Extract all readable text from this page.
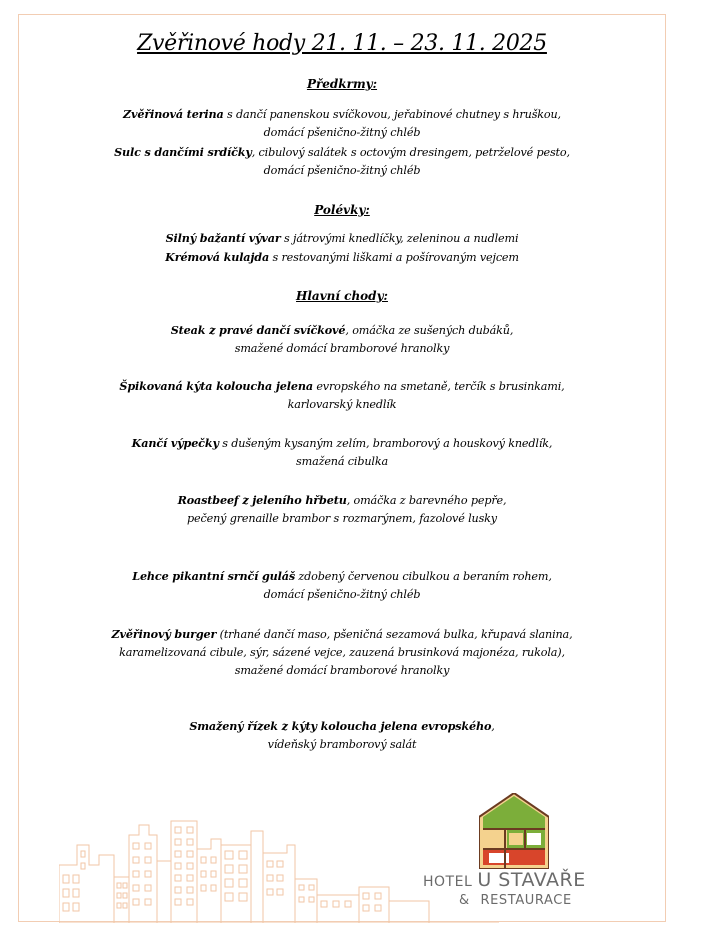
Zvěřinové hody 21. 11. – 23. 11. 2025
Předkrmy:
Zvěřinová terina s dančí panenskou svíčkovou, jeřabinové chutney s hruškou,
domácí pšenično-žitný chléb
Sulc s dančími srdíčky, cibulový salátek s octovým dresingem, petrželové pesto,
domácí pšenično-žitný chléb
Polévky:
Silný bažantí vývar s játrovými knedlíčky, zeleninou a nudlemi
Krémová kulajda s restovanými liškami a pošírovaným vejcem
Hlavní chody:
Steak z pravé dančí svíčkové, omáčka ze sušených dubáků,
smažené domácí bramborové hranolky
Špikovaná kýta koloucha jelena evropského na smetaně, terčík s brusinkami,
karlovarský knedlík
Kančí výpečky s dušeným kysaným zelím, bramborový a houskový knedlík,
smažená cibulka
Roastbeef z jeleního hřbetu, omáčka z barevného pepře,
pečený grenaille brambor s rozmarýnem, fazolové lusky
Lehce pikantní srnčí guláš zdobený červenou cibulkou a beraním rohem,
domácí pšenično-žitný chléb
Zvěřinový burger (trhané dančí maso, pšeničná sezamová bulka, křupavá slanina,
karamelizovaná cibule, sýr, sázené vejce, zauzená brusinková majonéza, rukola),
smažené domácí bramborové hranolky
Smažený řízek z kýty koloucha jelena evropského,
vídeňský bramborový salát
HOTEL U STAVAŘE
& RESTAURACE
